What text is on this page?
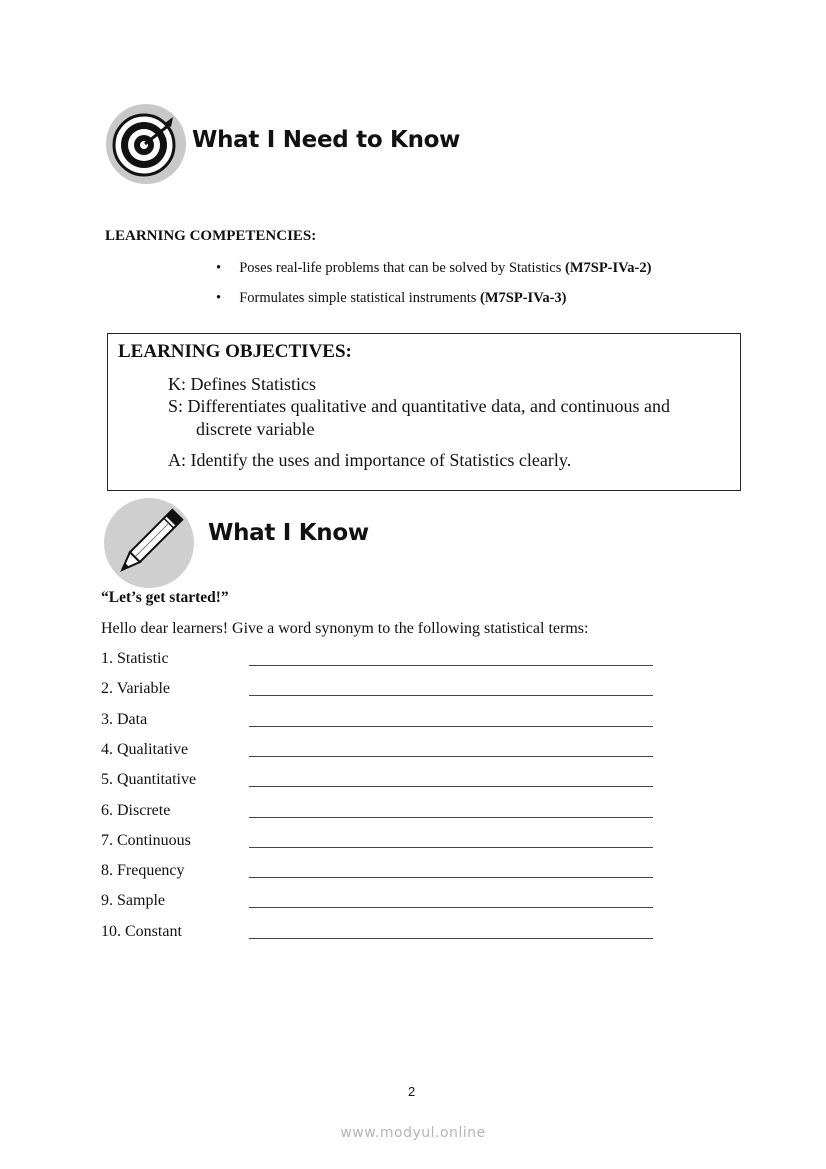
What I Need to Know
LEARNING COMPETENCIES:
•     Poses real-life problems that can be solved by Statistics (M7SP-IVa-2)
•     Formulates simple statistical instruments (M7SP-IVa-3)
LEARNING OBJECTIVES:
K: Defines Statistics
S: Differentiates qualitative and quantitative data, and continuous and
discrete variable
A: Identify the uses and importance of Statistics clearly.
What I Know
“Let’s get started!”
Hello dear learners! Give a word synonym to the following statistical terms:
1. Statistic
2. Variable
3. Data
4. Qualitative
5. Quantitative
6. Discrete
7. Continuous
8. Frequency
9. Sample
10. Constant
2
www.modyul.online
